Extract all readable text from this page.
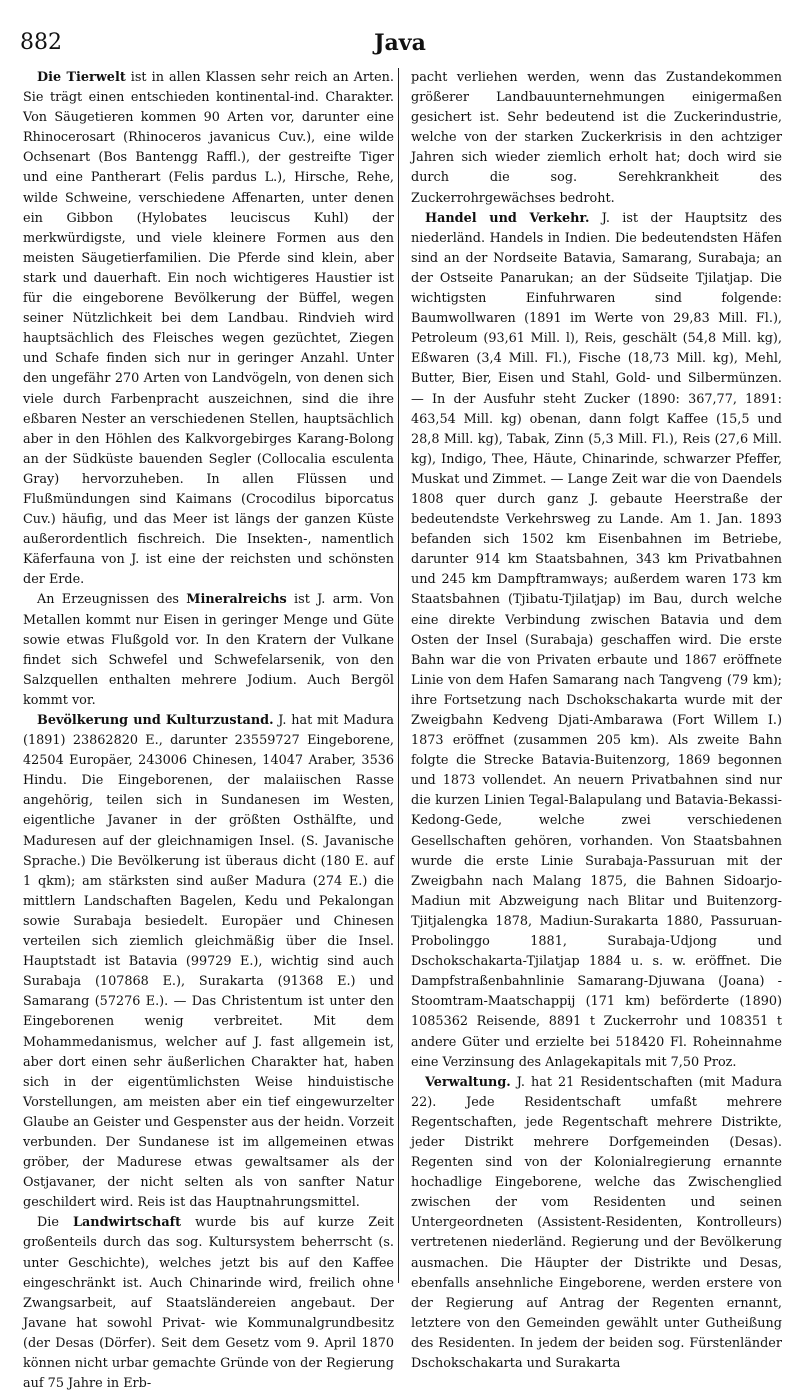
882	Java

Die Tierwelt ist in allen Klassen sehr reich an Arten. Sie trägt einen entschieden kontinental-ind. Charakter. Von Säugetieren kommen 90 Arten vor, darunter eine Rhinocerosart (Rhinoceros javanicus Cuv.), eine wilde Ochsenart (Bos Bantengg Raffl.), der gestreifte Tiger und eine Pantherart (Felis pardus L.), Hirsche, Rehe, wilde Schweine, verschiedene Affenarten, unter denen ein Gibbon (Hylobates leuciscus Kuhl) der merkwürdigste, und viele kleinere Formen aus den meisten Säugetierfamilien. Die Pferde sind klein, aber stark und dauerhaft. Ein noch wichtigeres Haustier ist für die eingeborene Bevölkerung der Büffel, wegen seiner Nützlichkeit bei dem Landbau. Rindvieh wird hauptsächlich des Fleisches wegen gezüchtet, Ziegen und Schafe finden sich nur in geringer Anzahl. Unter den ungefähr 270 Arten von Landvögeln, von denen sich viele durch Farbenpracht auszeichnen, sind die ihre eßbaren Nester an verschiedenen Stellen, hauptsächlich aber in den Höhlen des Kalkvorgebirges Karang-Bolong an der Südküste bauenden Segler (Collocalia esculenta Gray) hervorzuheben. In allen Flüssen und Flußmündungen sind Kaimans (Crocodilus biporcatus Cuv.) häufig, und das Meer ist längs der ganzen Küste außerordentlich fischreich. Die Insekten-, namentlich Käferfauna von J. ist eine der reichsten und schönsten der Erde.

An Erzeugnissen des Mineralreichs ist J. arm. Von Metallen kommt nur Eisen in geringer Menge und Güte sowie etwas Flußgold vor. In den Kratern der Vulkane findet sich Schwefel und Schwefelarsenik, von den Salzquellen enthalten mehrere Jodium. Auch Bergöl kommt vor.

Bevölkerung und Kulturzustand. J. hat mit Madura (1891) 23862820 E., darunter 23559727 Eingeborene, 42504 Europäer, 243006 Chinesen, 14047 Araber, 3536 Hindu. Die Eingeborenen, der malaiischen Rasse angehörig, teilen sich in Sundanesen im Westen, eigentliche Javaner in der größten Osthälfte, und Maduresen auf der gleichnamigen Insel. (S. Javanische Sprache.) Die Bevölkerung ist überaus dicht (180 E. auf 1 qkm); am stärksten sind außer Madura (274 E.) die mittlern Landschaften Bagelen, Kedu und Pekalongan sowie Surabaja besiedelt. Europäer und Chinesen verteilen sich ziemlich gleichmäßig über die Insel. Hauptstadt ist Batavia (99729 E.), wichtig sind auch Surabaja (107868 E.), Surakarta (91368 E.) und Samarang (57276 E.). — Das Christentum ist unter den Eingeborenen wenig verbreitet. Mit dem Mohammedanismus, welcher auf J. fast allgemein ist, aber dort einen sehr äußerlichen Charakter hat, haben sich in der eigentümlichsten Weise hinduistische Vorstellungen, am meisten aber ein tief eingewurzelter Glaube an Geister und Gespenster aus der heidn. Vorzeit verbunden. Der Sundanese ist im allgemeinen etwas gröber, der Madurese etwas gewaltsamer als der Ostjavaner, der nicht selten als von sanfter Natur geschildert wird. Reis ist das Hauptnahrungsmittel.

Die Landwirtschaft wurde bis auf kurze Zeit großenteils durch das sog. Kultursystem beherrscht (s. unter Geschichte), welches jetzt bis auf den Kaffee eingeschränkt ist. Auch Chinarinde wird, freilich ohne Zwangsarbeit, auf Staatsländereien angebaut. Der Javane hat sowohl Privat- wie Kommunalgrundbesitz (der Desas (Dörfer). Seit dem Gesetz vom 9. April 1870 können nicht urbar gemachte Gründe von der Regierung auf 75 Jahre in Erb-

pacht verliehen werden, wenn das Zustandekommen größerer Landbauunternehmungen einigermaßen gesichert ist. Sehr bedeutend ist die Zuckerindustrie, welche von der starken Zuckerkrisis in den achtziger Jahren sich wieder ziemlich erholt hat; doch wird sie durch die sog. Serehkrankheit des Zuckerrohrgewächses bedroht.

Handel und Verkehr. J. ist der Hauptsitz des niederländ. Handels in Indien. Die bedeutendsten Häfen sind an der Nordseite Batavia, Samarang, Surabaja; an der Ostseite Panarukan; an der Südseite Tjilatjap. Die wichtigsten Einfuhrwaren sind folgende: Baumwollwaren (1891 im Werte von 29,83 Mill. Fl.), Petroleum (93,61 Mill. l), Reis, geschält (54,8 Mill. kg), Eßwaren (3,4 Mill. Fl.), Fische (18,73 Mill. kg), Mehl, Butter, Bier, Eisen und Stahl, Gold- und Silbermünzen. — In der Ausfuhr steht Zucker (1890: 367,77, 1891: 463,54 Mill. kg) obenan, dann folgt Kaffee (15,5 und 28,8 Mill. kg), Tabak, Zinn (5,3 Mill. Fl.), Reis (27,6 Mill. kg), Indigo, Thee, Häute, Chinarinde, schwarzer Pfeffer, Muskat und Zimmet. — Lange Zeit war die von Daendels 1808 quer durch ganz J. gebaute Heerstraße der bedeutendste Verkehrsweg zu Lande. Am 1. Jan. 1893 befanden sich 1502 km Eisenbahnen im Betriebe, darunter 914 km Staatsbahnen, 343 km Privatbahnen und 245 km Dampftramways; außerdem waren 173 km Staatsbahnen (Tjibatu-Tjilatjap) im Bau, durch welche eine direkte Verbindung zwischen Batavia und dem Osten der Insel (Surabaja) geschaffen wird. Die erste Bahn war die von Privaten erbaute und 1867 eröffnete Linie von dem Hafen Samarang nach Tangveng (79 km); ihre Fortsetzung nach Dschokschakarta wurde mit der Zweigbahn Kedveng Djati-Ambarawa (Fort Willem I.) 1873 eröffnet (zusammen 205 km). Als zweite Bahn folgte die Strecke Batavia-Buitenzorg, 1869 begonnen und 1873 vollendet. An neuern Privatbahnen sind nur die kurzen Linien Tegal-Balapulang und Batavia-Bekassi-Kedong-Gede, welche zwei verschiedenen Gesellschaften gehören, vorhanden. Von Staatsbahnen wurde die erste Linie Surabaja-Passuruan mit der Zweigbahn nach Malang 1875, die Bahnen Sidoarjo-Madiun mit Abzweigung nach Blitar und Buitenzorg-Tjitjalengka 1878, Madiun-Surakarta 1880, Passuruan-Probolinggo 1881, Surabaja-Udjong und Dschokschakarta-Tjilatjap 1884 u. s. w. eröffnet. Die Dampfstraßenbahnlinie Samarang-Djuwana (Joana) -Stoomtram-Maatschappij (171 km) beförderte (1890) 1085362 Reisende, 8891 t Zuckerrohr und 108351 t andere Güter und erzielte bei 518420 Fl. Roheinnahme eine Verzinsung des Anlagekapitals mit 7,50 Proz.

Verwaltung. J. hat 21 Residentschaften (mit Madura 22). Jede Residentschaft umfaßt mehrere Regentschaften, jede Regentschaft mehrere Distrikte, jeder Distrikt mehrere Dorfgemeinden (Desas). Regenten sind von der Kolonialregierung ernannte hochadlige Eingeborene, welche das Zwischenglied zwischen der vom Residenten und seinen Untergeordneten (Assistent-Residenten, Kontrolleurs) vertretenen niederländ. Regierung und der Bevölkerung ausmachen. Die Häupter der Distrikte und Desas, ebenfalls ansehnliche Eingeborene, werden erstere von der Regierung auf Antrag der Regenten ernannt, letztere von den Gemeinden gewählt unter Gutheißung des Residenten. In jedem der beiden sog. Fürstenländer Dschokschakarta und Surakarta
